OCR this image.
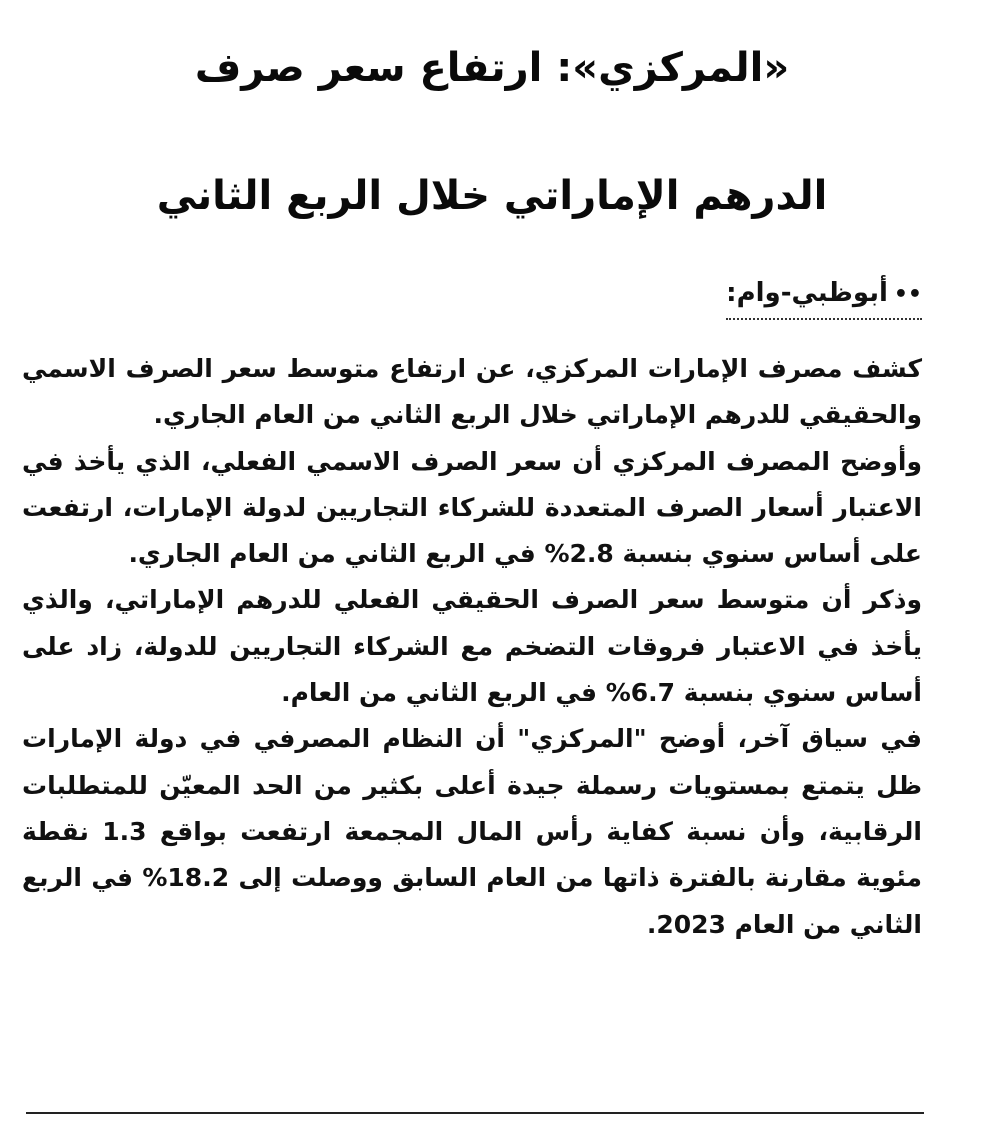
«المركزي»: ارتفاع سعر صرف
الدرهم الإماراتي خلال الربع الثاني
••أبوظبي-وام:

كشف مصرف الإمارات المركزي، عن ارتفاع متوسط سعر الصرف الاسمي والحقيقي للدرهم الإماراتي خلال الربع الثاني من العام الجاري.

وأوضح المصرف المركزي أن سعر الصرف الاسمي الفعلي، الذي يأخذ في الاعتبار أسعار الصرف المتعددة للشركاء التجاريين لدولة الإمارات، ارتفعت على أساس سنوي بنسبة 2.8% في الربع الثاني من العام الجاري.

وذكر أن متوسط سعر الصرف الحقيقي الفعلي للدرهم الإماراتي، والذي يأخذ في الاعتبار فروقات التضخم مع الشركاء التجاريين للدولة، زاد على أساس سنوي بنسبة 6.7% في الربع الثاني من العام.

في سياق آخر، أوضح "المركزي" أن النظام المصرفي في دولة الإمارات ظل يتمتع بمستويات رسملة جيدة أعلى بكثير من الحد المعيّن للمتطلبات الرقابية، وأن نسبة كفاية رأس المال المجمعة ارتفعت بواقع 1.3 نقطة مئوية مقارنة بالفترة ذاتها من العام السابق ووصلت إلى 18.2% في الربع الثاني من العام 2023.
